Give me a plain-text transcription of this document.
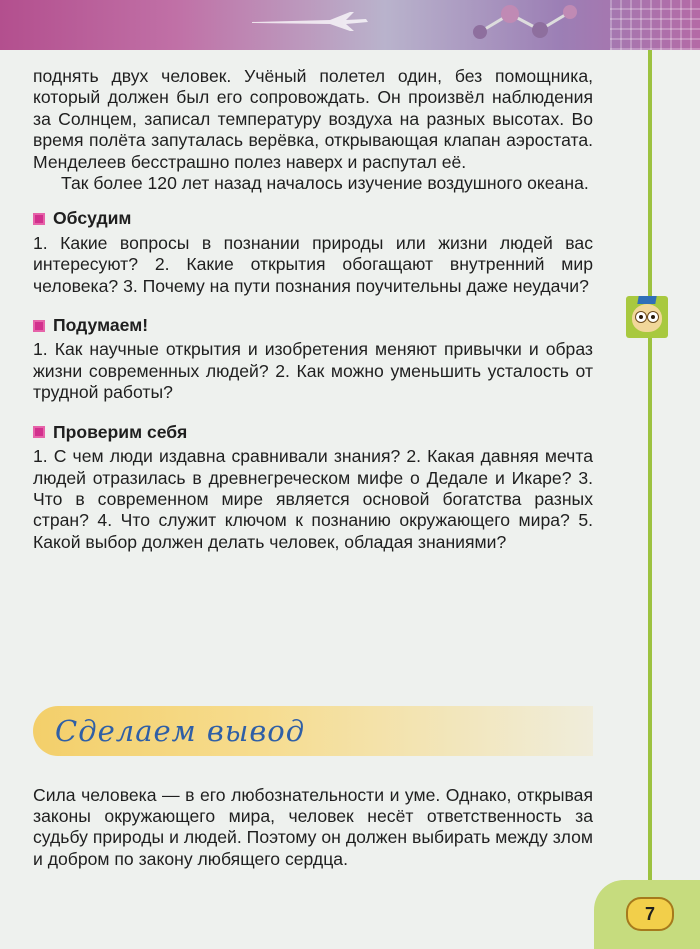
поднять двух человек. Учёный полетел один, без помощника, который должен был его сопровождать. Он произвёл наблюдения за Солнцем, записал температуру воздуха на разных высотах. Во время полёта запуталась верёвка, открывающая клапан аэростата. Менделеев бесстрашно полез наверх и распутал её.

Так более 120 лет назад началось изучение воздушного океана.

Обсудим

1. Какие вопросы в познании природы или жизни людей вас интересуют? 2. Какие открытия обогащают внутренний мир человека? 3. Почему на пути познания поучительны даже неудачи?

Подумаем!

1. Как научные открытия и изобретения меняют привычки и образ жизни современных людей? 2. Как можно уменьшить усталость от трудной работы?

Проверим себя

1. С чем люди издавна сравнивали знания? 2. Какая давняя мечта людей отразилась в древнегреческом мифе о Дедале и Икаре? 3. Что в современном мире является основой богатства разных стран? 4. Что служит ключом к познанию окружающего мира? 5. Какой выбор должен делать человек, обладая знаниями?

Сделаем вывод

Сила человека — в его любознательности и уме. Однако, открывая законы окружающего мира, человек несёт ответственность за судьбу природы и людей. Поэтому он должен выбирать между злом и добром по закону любящего сердца.

7
